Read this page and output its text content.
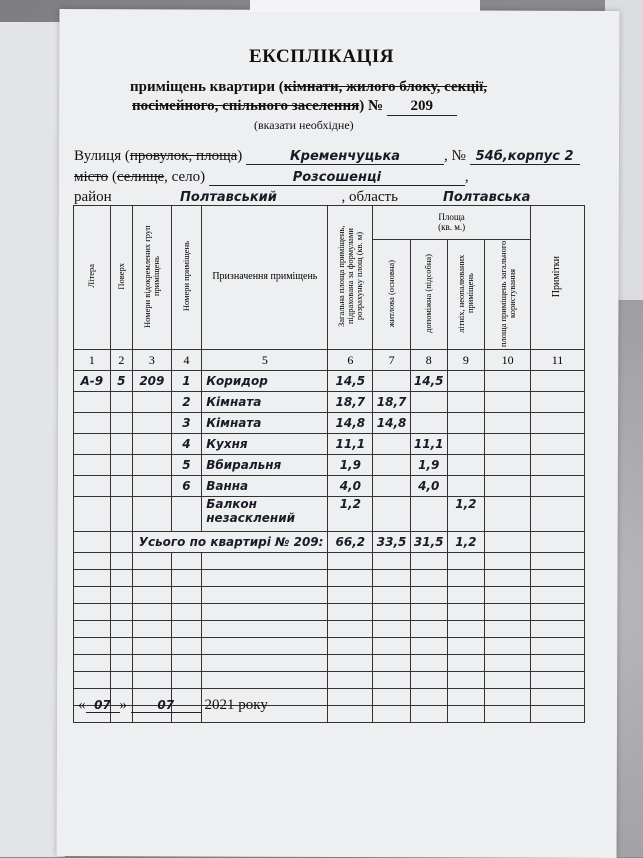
ЕКСПЛІКАЦІЯ
приміщень квартири (кімнати, жилого блоку, секції,
посімейного, спільного заселення) № 209
(вказати необхідне)
Вулиця (провулок, площа)	Кременчуцька	, № 54б,корпус 2
місто (селище, село)	Розсошенці	,
район	Полтавський	, область	Полтавська
Літера	Поверх	Номери відокремлених груп приміщень	Номери приміщень	Призначення приміщень	Загальна площа приміщень, підрахована за формулами розрахунку площ (кв. м)	Площа
(кв. м.)				Примітки
						житлова (основна)	допоміжна (підсобна)	літніх, неопалюваних приміщень	площа приміщень загального користування	
1	2	3	4	5	6	7	8	9	10	11
А-9	5	209	1	Коридор	14,5		14,5			
			2	Кімната	18,7	18,7				
			3	Кімната	14,8	14,8				
			4	Кухня	11,1		11,1			
			5	Вбиральня	1,9		1,9			
			6	Ванна	4,0		4,0			

				Балкон
незасклений	1,2			1,2		
		Усього по квартирі № 209:			66,2	33,5	31,5	1,2		

« 07 » 07 2021 року
